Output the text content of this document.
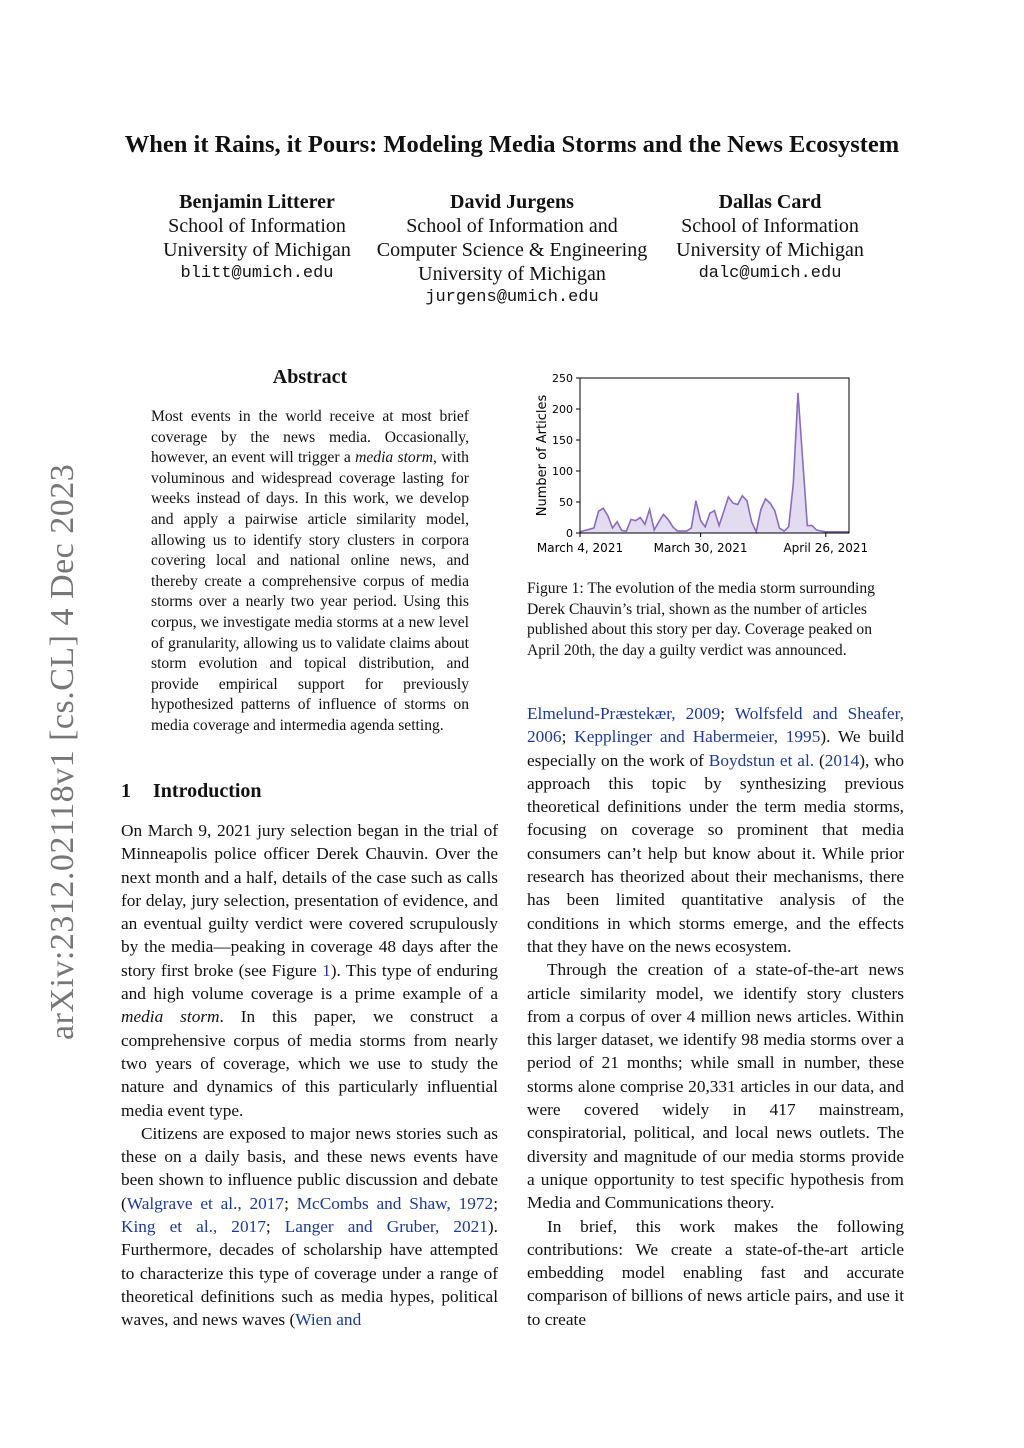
arXiv:2312.02118v1 [cs.CL] 4 Dec 2023
When it Rains, it Pours: Modeling Media Storms and the News Ecosystem
Benjamin Litterer
School of Information
University of Michigan
blitt@umich.edu
David Jurgens
School of Information and
Computer Science & Engineering
University of Michigan
jurgens@umich.edu
Dallas Card
School of Information
University of Michigan
dalc@umich.edu
Abstract

Most events in the world receive at most brief coverage by the news media. Occasionally, however, an event will trigger a media storm, with voluminous and widespread coverage lasting for weeks instead of days. In this work, we develop and apply a pairwise article similarity model, allowing us to identify story clusters in corpora covering local and national online news, and thereby create a comprehensive corpus of media storms over a nearly two year period. Using this corpus, we investigate media storms at a new level of granularity, allowing us to validate claims about storm evolution and topical distribution, and provide empirical support for previously hypothesized patterns of influence of storms on media coverage and intermedia agenda setting.

1 Introduction

On March 9, 2021 jury selection began in the trial of Minneapolis police officer Derek Chauvin. Over the next month and a half, details of the case such as calls for delay, jury selection, presentation of evidence, and an eventual guilty verdict were covered scrupulously by the media—peaking in coverage 48 days after the story first broke (see Figure 1). This type of enduring and high volume coverage is a prime example of a media storm. In this paper, we construct a comprehensive corpus of media storms from nearly two years of coverage, which we use to study the nature and dynamics of this particularly influential media event type.

Citizens are exposed to major news stories such as these on a daily basis, and these news events have been shown to influence public discussion and debate (Walgrave et al., 2017; McCombs and Shaw, 1972; King et al., 2017; Langer and Gruber, 2021). Furthermore, decades of scholarship have attempted to characterize this type of coverage under a range of theoretical definitions such as media hypes, political waves, and news waves (Wien and

0
50
100
150
200
250
March 4, 2021	March 30, 2021	April 26, 2021
Number of Articles

Figure 1: The evolution of the media storm surrounding Derek Chauvin’s trial, shown as the number of articles published about this story per day. Coverage peaked on April 20th, the day a guilty verdict was announced.

Elmelund-Præstekær, 2009; Wolfsfeld and Sheafer, 2006; Kepplinger and Habermeier, 1995). We build especially on the work of Boydstun et al. (2014), who approach this topic by synthesizing previous theoretical definitions under the term media storms, focusing on coverage so prominent that media consumers can’t help but know about it. While prior research has theorized about their mechanisms, there has been limited quantitative analysis of the conditions in which storms emerge, and the effects that they have on the news ecosystem.

Through the creation of a state-of-the-art news article similarity model, we identify story clusters from a corpus of over 4 million news articles. Within this larger dataset, we identify 98 media storms over a period of 21 months; while small in number, these storms alone comprise 20,331 articles in our data, and were covered widely in 417 mainstream, conspiratorial, political, and local news outlets. The diversity and magnitude of our media storms provide a unique opportunity to test specific hypothesis from Media and Communications theory.

In brief, this work makes the following contributions: We create a state-of-the-art article embedding model enabling fast and accurate comparison of billions of news article pairs, and use it to create
